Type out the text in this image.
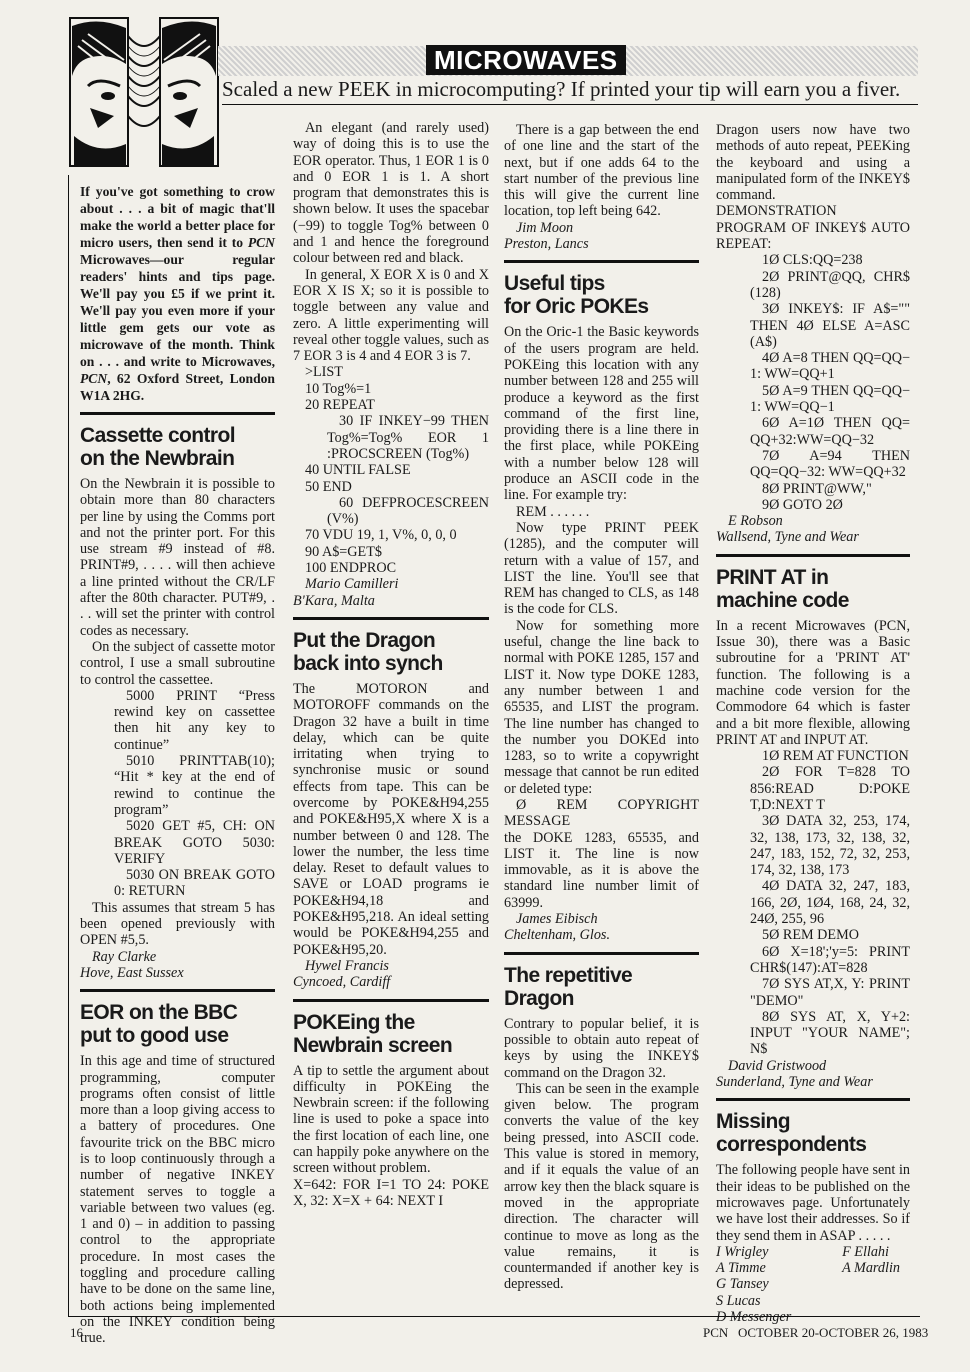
MICROWAVES
Scaled a new PEEK in microcomputing? If printed your tip will earn you a fiver.
If you've got something to crow about . . . a bit of magic that'll make the world a better place for micro users, then send it to PCN Microwaves—our regular readers' hints and tips page. We'll pay you £5 if we print it. We'll pay you even more if your little gem gets our vote as microwave of the month. Think on . . . and write to Microwaves, PCN, 62 Oxford Street, London W1A 2HG.
Cassette control
on the Newbrain

On the Newbrain it is possible to obtain more than 80 characters per line by using the Comms port and not the printer port. For this use stream #9 instead of #8. PRINT#9, . . . . will then achieve a line printed without the CR/LF after the 80th character. PUT#9, . . . will set the printer with control codes as necessary.

On the subject of cassette motor control, I use a small subroutine to control the cassettee.

5000 PRINT “Press rewind key on cassettee then hit any key to continue”

5010 PRINTTAB(10); “Hit * key at the end of rewind to continue the program”

5020 GET #5, CH: ON BREAK GOTO 5030: VERIFY

5030 ON BREAK GOTO 0: RETURN

This assumes that stream 5 has been opened previously with OPEN #5,5.

Ray Clarke
Hove, East Sussex

EOR on the BBC
put to good use

In this age and time of structured programming, computer programs often consist of little more than a loop giving access to a battery of procedures. One favourite trick on the BBC micro is to loop continuously through a number of negative INKEY statement serves to toggle a variable between two values (eg. 1 and 0) – in addition to passing control to the appropriate procedure. In most cases the toggling and procedure calling have to be done on the same line, both actions being implemented on the INKEY condition being true.

An elegant (and rarely used) way of doing this is to use the EOR operator. Thus, 1 EOR 1 is 0 and 0 EOR 1 is 1. A short program that demonstrates this is shown below. It uses the spacebar (−99) to toggle Tog% between 0 and 1 and hence the foreground colour between red and black.

In general, X EOR X is 0 and X EOR X IS X; so it is possible to toggle between any value and zero. A little experimenting will reveal other toggle values, such as 7 EOR 3 is 4 and 4 EOR 3 is 7.

>LIST

10 Tog%=1

20 REPEAT

30 IF INKEY−99 THEN Tog%=Tog% EOR 1 :PROCSCREEN (Tog%)

40 UNTIL FALSE

50 END

60 DEFPROCESCREEN (V%)

70 VDU 19, 1, V%, 0, 0, 0

90 A$=GET$

100 ENDPROC

Mario Camilleri
B'Kara, Malta

Put the Dragon
back into synch

The MOTORON and MOTOROFF commands on the Dragon 32 have a built in time delay, which can be quite irritating when trying to synchronise music or sound effects from tape. This can be overcome by POKE&H94,255 and POKE&H95,X where X is a number between 0 and 128. The lower the number, the less time delay. Reset to default values to SAVE or LOAD programs ie POKE&H94,18 and POKE&H95,218. An ideal setting would be POKE&H94,255 and POKE&H95,20.

Hywel Francis
Cyncoed, Cardiff

POKEing the
Newbrain screen

A tip to settle the argument about difficulty in POKEing the Newbrain screen: if the following line is used to poke a space into the first location of each line, one can happily poke anywhere on the screen without problem.

X=642: FOR I=1 TO 24: POKE X, 32: X=X + 64: NEXT I

There is a gap between the end of one line and the start of the next, but if one adds 64 to the start number of the previous line this will give the current line location, top left being 642.

Jim Moon
Preston, Lancs

Useful tips
for Oric POKEs

On the Oric-1 the Basic keywords of the users program are held. POKEing this location with any number between 128 and 255 will produce a keyword as the first command of the first line, providing there is a line there in the first place, while POKEing with a number below 128 will produce an ASCII code in the line. For example try:

REM . . . . . .

Now type PRINT PEEK (1285), and the computer will return with a value of 157, and LIST the line. You'll see that REM has changed to CLS, as 148 is the code for CLS.

Now for something more useful, change the line back to normal with POKE 1285, 157 and LIST it. Now type DOKE 1283, any number between 1 and 65535, and LIST the program. The line number has changed to the number you DOKEd into 1283, so to write a copywright message that cannot be run edited or deleted type:

Ø REM COPYRIGHT MESSAGE

the DOKE 1283, 65535, and LIST it. The line is now immovable, as it is above the standard line number limit of 63999.

James Eibisch
Cheltenham, Glos.

The repetitive
Dragon

Contrary to popular belief, it is possible to obtain auto repeat of keys by using the INKEY$ command on the Dragon 32.

This can be seen in the example given below. The program converts the value of the key being pressed, into ASCII code. This value is stored in memory, and if it equals the value of an arrow key then the black square is moved in the appropriate direction. The character will continue to move as long as the value remains, it is countermanded if another key is depressed.

Dragon users now have two methods of auto repeat, PEEKing the keyboard and using a manipulated form of the INKEY$ command.

DEMONSTRATION PROGRAM OF INKEY$ AUTO REPEAT:

1Ø CLS:QQ=238

2Ø PRINT@QQ, CHR$ (128)

3Ø INKEY$: IF A$="" THEN 4Ø ELSE A=ASC (A$)

4Ø A=8 THEN QQ=QQ− 1: WW=QQ+1

5Ø A=9 THEN QQ=QQ− 1: WW=QQ−1

6Ø A=1Ø THEN QQ= QQ+32:WW=QQ−32

7Ø A=94 THEN QQ=QQ−32: WW=QQ+32

8Ø PRINT@WW,"

9Ø GOTO 2Ø

E Robson
Wallsend, Tyne and Wear

PRINT AT in
machine code

In a recent Microwaves (PCN, Issue 30), there was a Basic subroutine for a 'PRINT AT' function. The following is a machine code version for the Commodore 64 which is faster and a bit more flexible, allowing PRINT AT and INPUT AT.

1Ø REM AT FUNCTION

2Ø FOR T=828 TO 856:READ D:POKE T,D:NEXT T

3Ø DATA 32, 253, 174, 32, 138, 173, 32, 138, 32, 247, 183, 152, 72, 32, 253, 174, 32, 138, 173

4Ø DATA 32, 247, 183, 166, 2Ø, 1Ø4, 168, 24, 32, 24Ø, 255, 96

5Ø REM DEMO

6Ø X=18';'y=5: PRINT CHR$(147):AT=828

7Ø SYS AT,X, Y: PRINT "DEMO"

8Ø SYS AT, X, Y+2: INPUT "YOUR NAME"; N$

David Gristwood
Sunderland, Tyne and Wear

Missing
correspondents

The following people have sent in their ideas to be published on the microwaves page. Unfortunately we have lost their addresses. So if they send them in ASAP . . . . .

I Wrigley
A Timme
G Tansey
S Lucas
D Messenger
F Ellahi
A Mardlin
16	PCN   OCTOBER 20-OCTOBER 26, 1983
